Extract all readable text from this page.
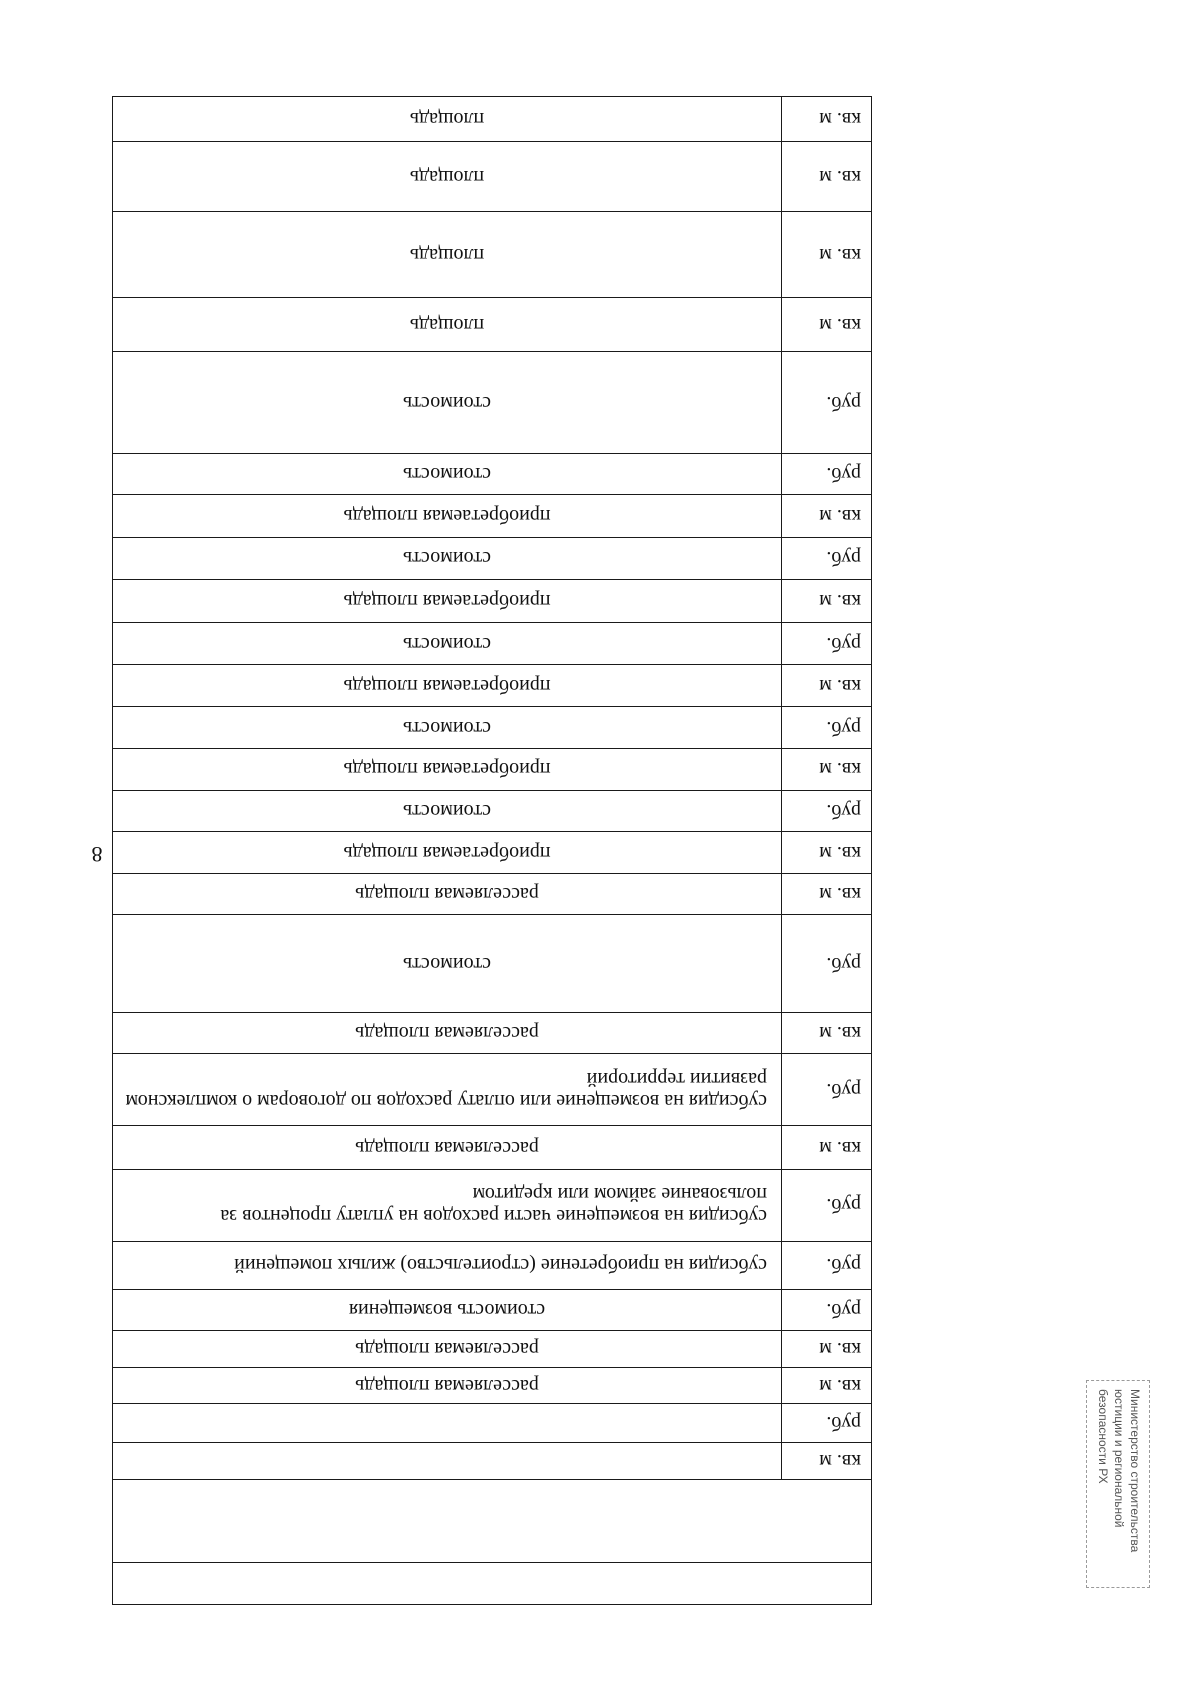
8

кв. м	
руб.	
кв. м	расселяемая площадь
кв. м	расселяемая площадь
руб.	стоимость возмещения
руб.	субсидия на приобретение (строительство) жилых помещений
руб.	субсидия на возмещение части расходов на уплату процентов за пользование займом или кредитом
кв. м	расселяемая площадь
руб.	субсидия на возмещение или оплату расходов по договорам о комплексном развитии территорий
кв. м	расселяемая площадь
руб.	стоимость
кв. м	расселяемая площадь
кв. м	приобретаемая площадь
руб.	стоимость
кв. м	приобретаемая площадь
руб.	стоимость
кв. м	приобретаемая площадь
руб.	стоимость
кв. м	приобретаемая площадь
руб.	стоимость
кв. м	приобретаемая площадь
руб.	стоимость
руб.	стоимость
кв. м	площадь
кв. м	площадь
кв. м	площадь
кв. м	площадь
Министерство строительства
юстиции и региональной
безопасности РХ
